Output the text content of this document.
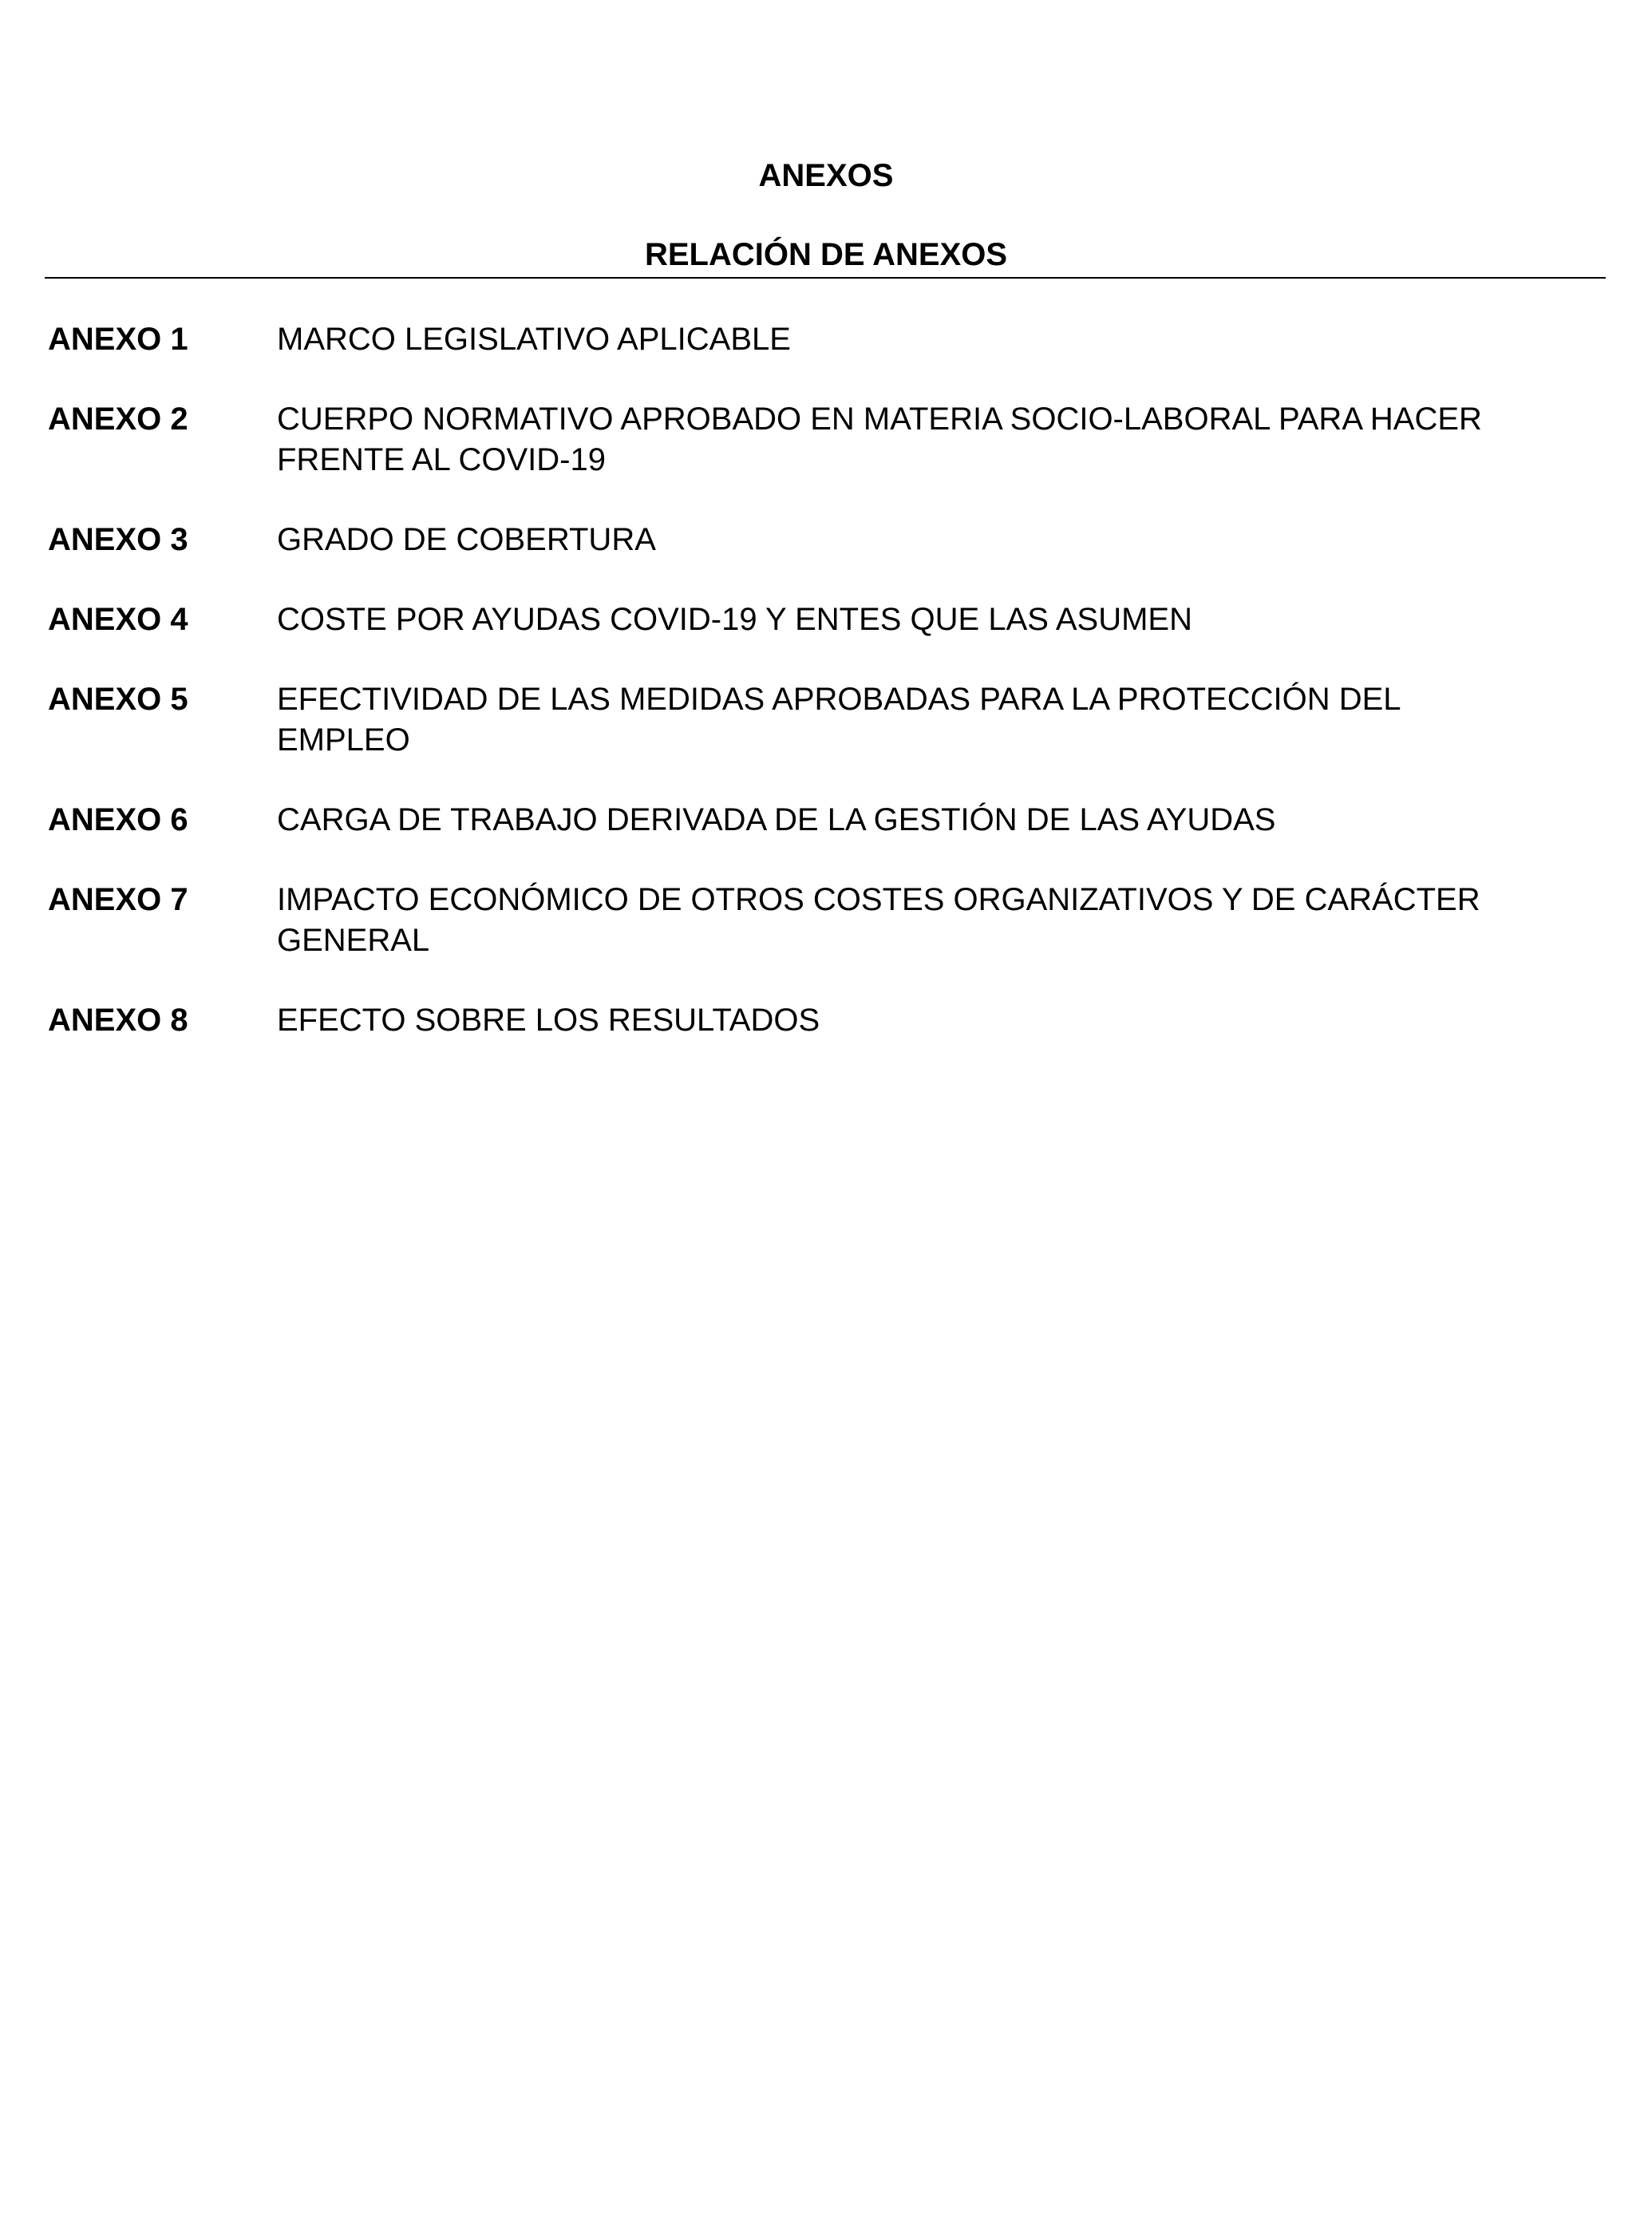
ANEXOS
RELACIÓN DE ANEXOS
ANEXO 1	MARCO LEGISLATIVO APLICABLE
ANEXO 2	CUERPO NORMATIVO APROBADO EN MATERIA SOCIO-LABORAL PARA HACER FRENTE AL COVID-19
ANEXO 3	GRADO DE COBERTURA
ANEXO 4	COSTE POR AYUDAS COVID-19 Y ENTES QUE LAS ASUMEN
ANEXO 5	EFECTIVIDAD DE LAS MEDIDAS APROBADAS PARA LA PROTECCIÓN DEL EMPLEO
ANEXO 6	CARGA DE TRABAJO DERIVADA DE LA GESTIÓN DE LAS AYUDAS
ANEXO 7	IMPACTO ECONÓMICO DE OTROS COSTES ORGANIZATIVOS Y DE CARÁCTER GENERAL
ANEXO 8	EFECTO SOBRE LOS RESULTADOS
